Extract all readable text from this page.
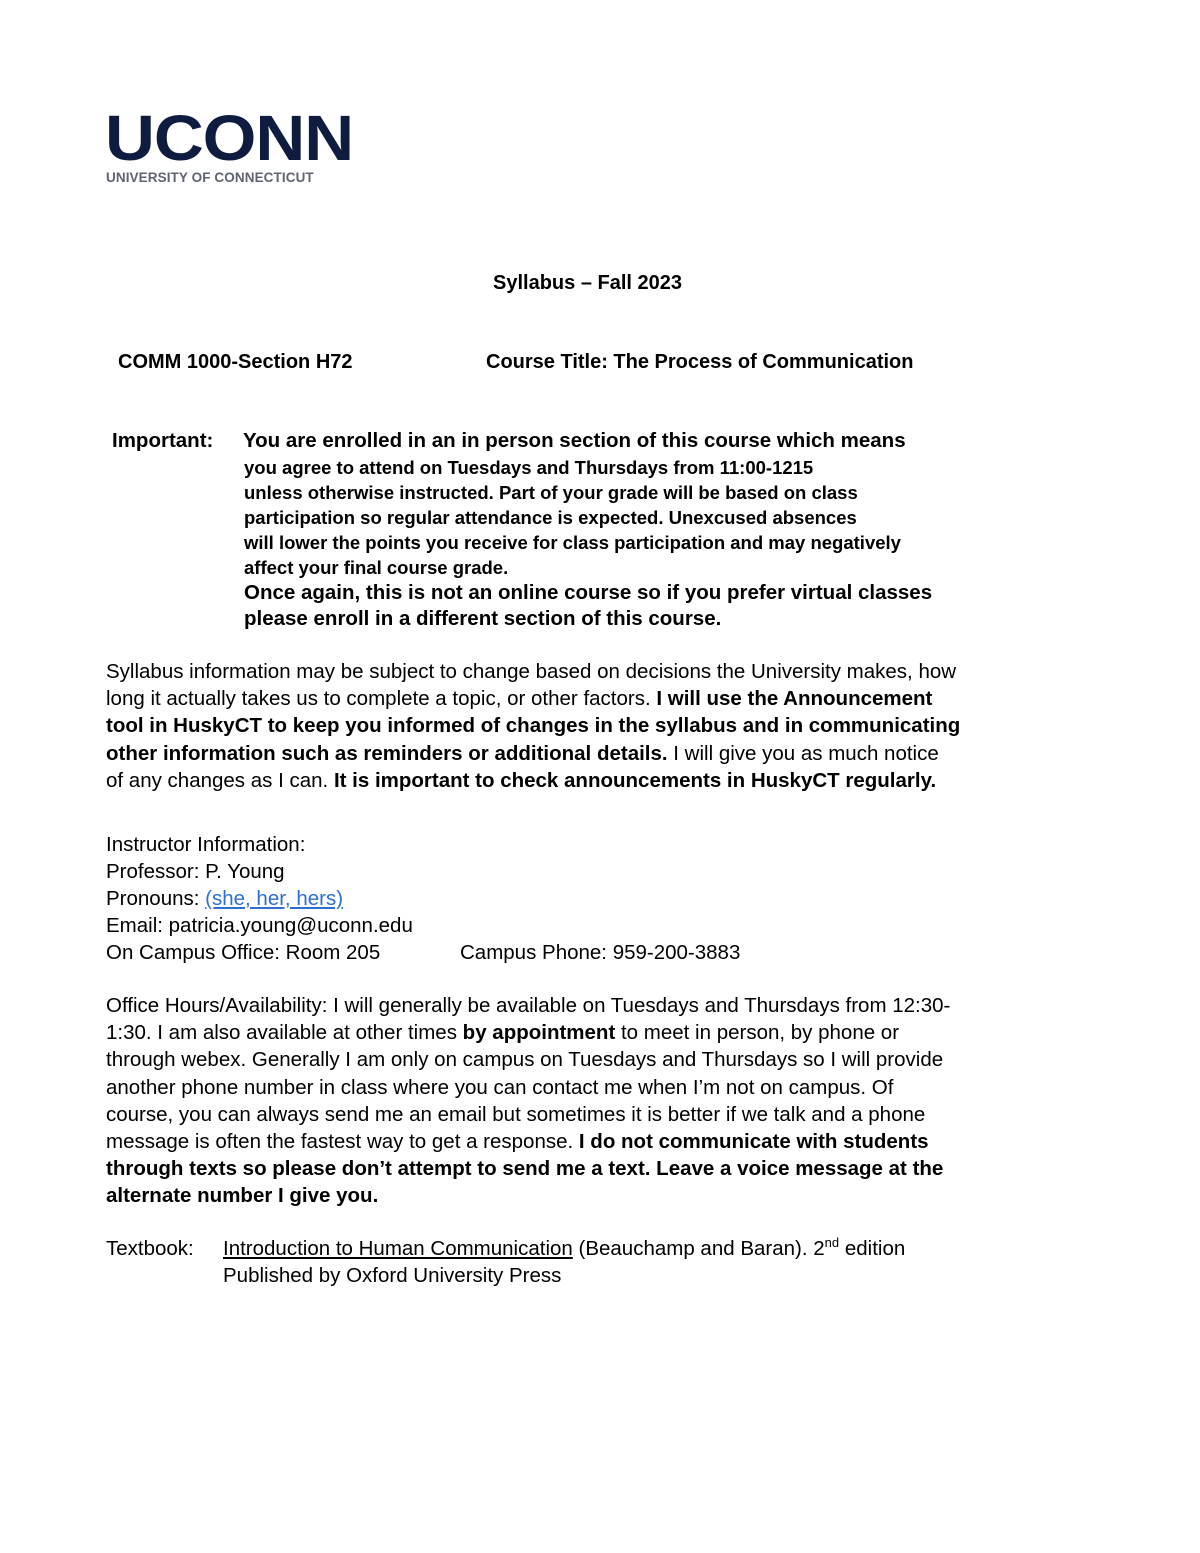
UCONN
UNIVERSITY OF CONNECTICUT
Syllabus – Fall 2023
COMM 1000-Section H72	Course Title: The Process of Communication
Important: You are enrolled in an in person section of this course which means
you agree to attend on Tuesdays and Thursdays from 11:00-1215
unless otherwise instructed. Part of your grade will be based on class
participation so regular attendance is expected. Unexcused absences
will lower the points you receive for class participation and may negatively
affect your final course grade.
Once again, this is not an online course so if you prefer virtual classes
please enroll in a different section of this course.
Syllabus information may be subject to change based on decisions the University makes, how
long it actually takes us to complete a topic, or other factors. I will use the Announcement
tool in HuskyCT to keep you informed of changes in the syllabus and in communicating
other information such as reminders or additional details. I will give you as much notice
of any changes as I can. It is important to check announcements in HuskyCT regularly.
Instructor Information:
Professor: P. Young
Pronouns: (she, her, hers)
Email: patricia.young@uconn.edu
On Campus Office: Room 205	Campus Phone: 959-200-3883
Office Hours/Availability: I will generally be available on Tuesdays and Thursdays from 12:30-
1:30. I am also available at other times by appointment to meet in person, by phone or
through webex. Generally I am only on campus on Tuesdays and Thursdays so I will provide
another phone number in class where you can contact me when I’m not on campus. Of
course, you can always send me an email but sometimes it is better if we talk and a phone
message is often the fastest way to get a response. I do not communicate with students
through texts so please don’t attempt to send me a text. Leave a voice message at the
alternate number I give you.
Textbook: Introduction to Human Communication (Beauchamp and Baran). 2nd edition
Published by Oxford University Press
